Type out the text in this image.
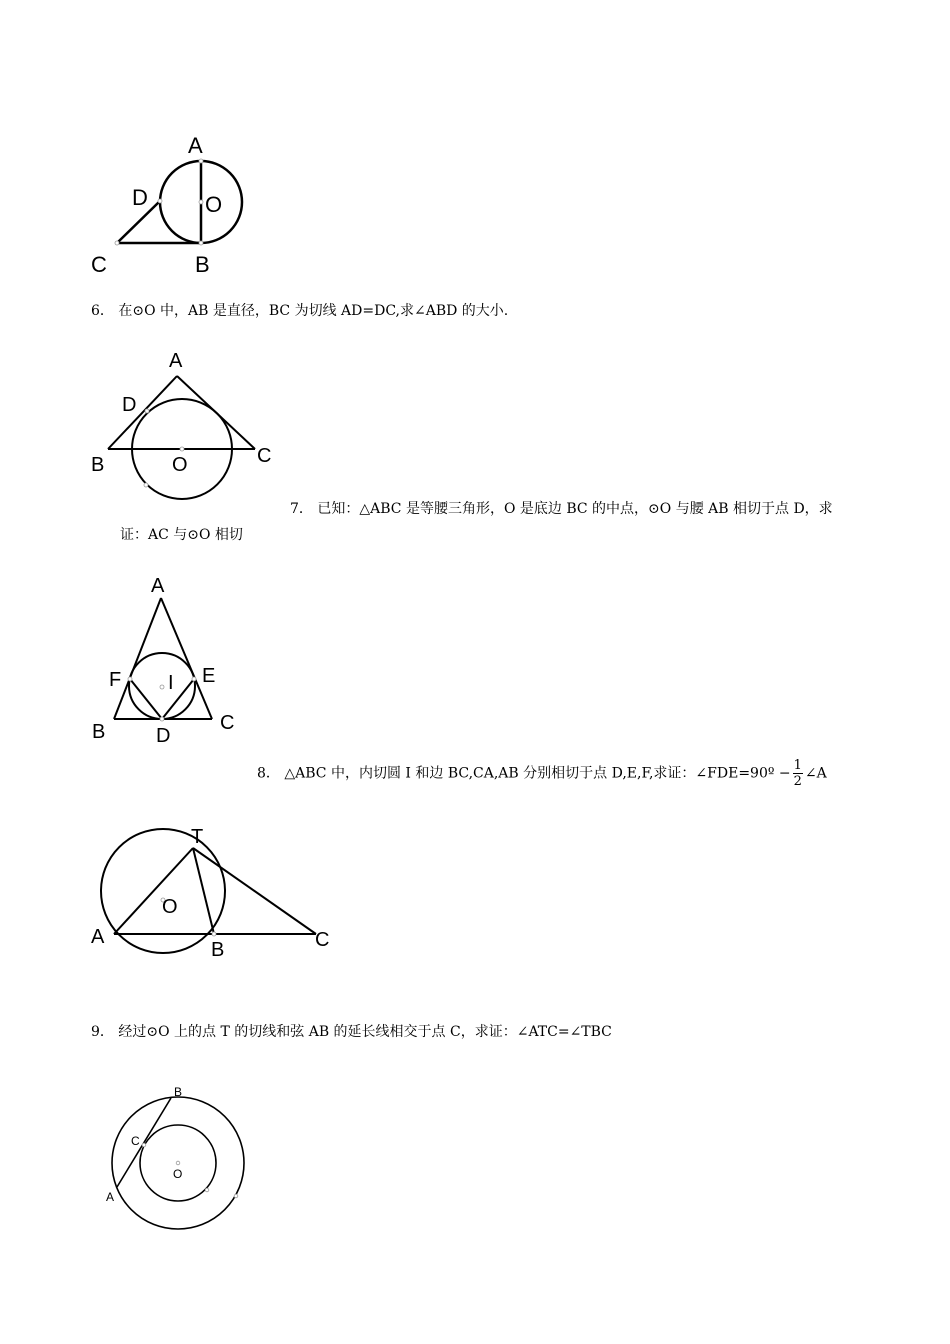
A
D	O
C	B
6． 在⊙O 中，AB 是直径，BC 为切线 AD=DC,求∠ABD 的大小.
A
D
B	O	C
7． 已知：△ABC 是等腰三角形，O 是底边 BC 的中点，⊙O 与腰 AB 相切于点 D，求
证：AC 与⊙O 相切
A
F I E
B	D
C
8． △ABC 中，内切圆 I 和边 BC,CA,AB 分别相切于点 D,E,F,求证：∠FDE=90º − $\frac{1}{2}$ ∠A
T
O
A
B	C
9． 经过⊙O 上的点 T 的切线和弦 AB 的延长线相交于点 C，求证：∠ATC=∠TBC
B
C
O
A
